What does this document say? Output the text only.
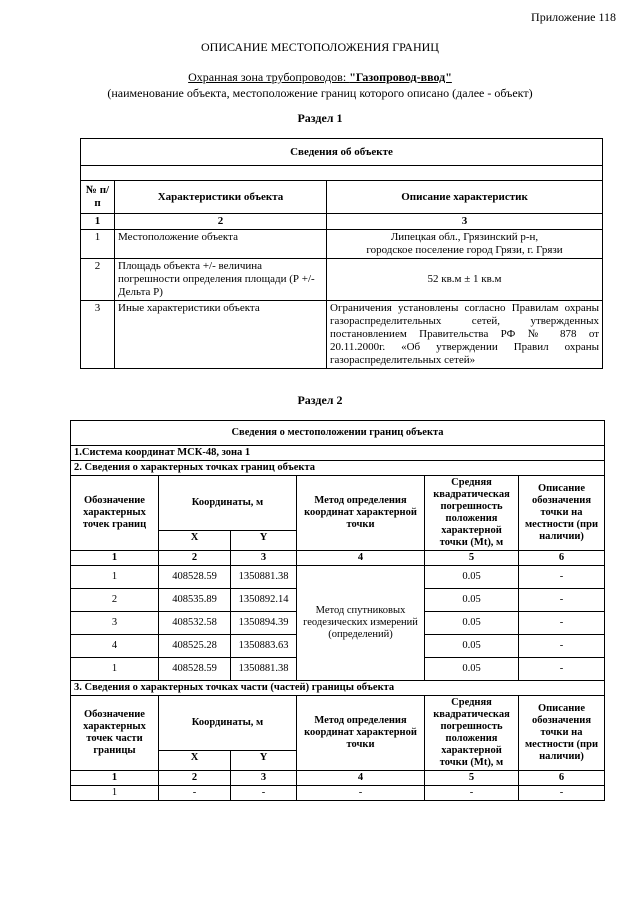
Приложение 118
ОПИСАНИЕ МЕСТОПОЛОЖЕНИЯ ГРАНИЦ
Охранная зона трубопроводов: "Газопровод-ввод"
(наименование объекта, местоположение границ которого описано (далее - объект)
Раздел 1
Сведения об объекте		

№ п/п	Характеристики объекта	Описание характеристик
1	2	3
1	Местоположение объекта	Липецкая обл., Грязинский р-н,
городское поселение город Грязи, г. Грязи

2	Площадь объекта +/- величина погрешности определения площади (Р +/- Дельта Р)	52 кв.м ± 1 кв.м
3	Иные характеристики объекта	Ограничения установлены согласно Правилам охраны газораспределительных сетей, утвержденных постановлением Правительства РФ № 878 от 20.11.2000г. «Об утверждении Правил охраны газораспределительных сетей»
Раздел 2
Сведения о местоположении границ объекта					
1.Система координат МСК-48, зона 1					
2. Сведения о характерных точках границ объекта					
Обозначение характерных точек границ	Координаты, м		Метод определения координат характерной точки	Средняя квадратическая погрешность положения характерной точки (Mt), м	Описание обозначения точки на местности (при наличии)
	X	Y			
1	2	3	4	5	6
1	408528.59	1350881.38	Метод спутниковых геодезических измерений (определений)	0.05	-
2	408535.89	1350892.14		0.05	-
3	408532.58	1350894.39		0.05	-
4	408525.28	1350883.63		0.05	-
1	408528.59	1350881.38		0.05	-
3. Сведения о характерных точках части (частей) границы объекта					
Обозначение характерных точек части границы	Координаты, м		Метод определения координат характерной точки	Средняя квадратическая погрешность положения характерной точки (Mt), м	Описание обозначения точки на местности (при наличии)
	X	Y			
1	2	3	4	5	6
1	-	-	-	-	-
